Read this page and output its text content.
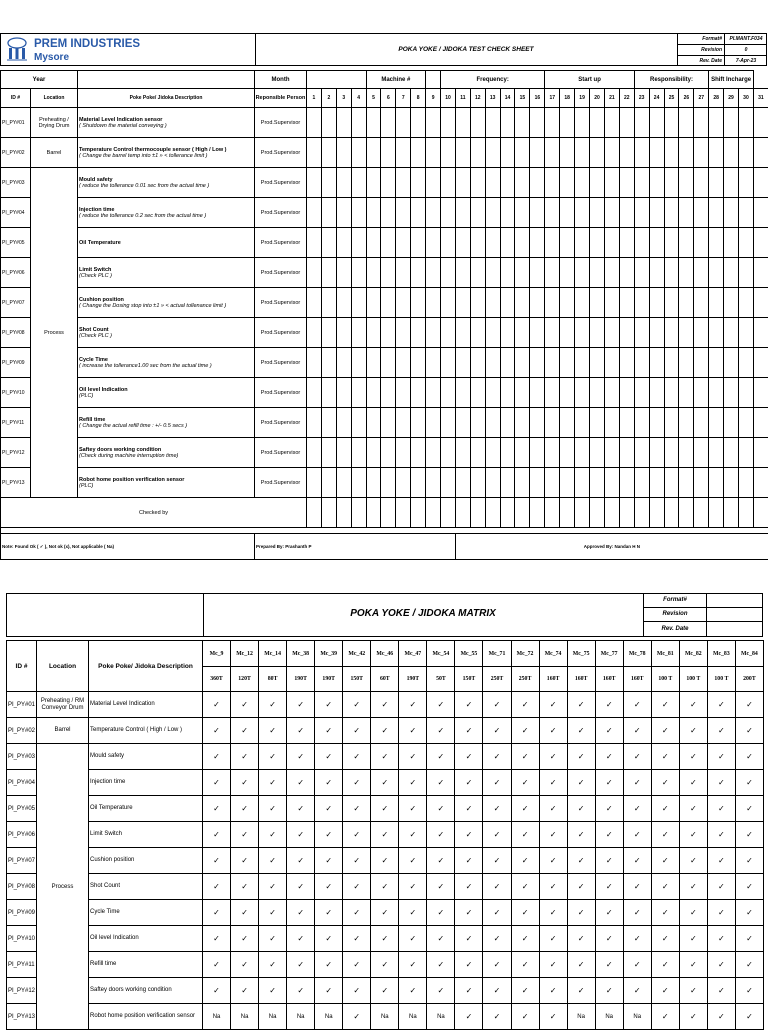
PREM INDUSTRIES
Mysore
POKA YOKE / JIDOKA TEST CHECK SHEET
Format#	PI.MANT.F034
Revision	0
Rev. Date	7-Apr-23
Year			Month					Machine #					Frequency:							Start up						Responsibility:					Shift Incharge			
ID #	Location	Poke Poke/ Jidoka Description	Reponsible Person	1	2	3	4	5	6	7	8	9	10	11	12	13	14	15	16	17	18	19	20	21	22	23	24	25	26	27	28	29	30	31
PI_PY#01	Preheating / Drying Drum	Material Level Indication sensor
( Shutdown the material conveying )	Prod.Supervisor																															
PI_PY#02	Barrel	Temperature Control thermocouple sensor ( High / Low )
( Change the barrel temp into ±1 » < tollerance limit )	Prod.Supervisor																															
PI_PY#03	Process	Mould safety
( reduce the tollerance 0.01 sec from the actual time )	Prod.Supervisor																															
PI_PY#04		Injection time
( reduce the tollerance 0.2 sec from the actual time )	Prod.Supervisor																															
PI_PY#05		Oil Temperature	Prod.Supervisor																															
PI_PY#06		Limit Switch
(Check PLC )	Prod.Supervisor																															
PI_PY#07		Cushion position
( Change the Dosing stop into ±1 » < actual tollenance limit )	Prod.Supervisor																															
PI_PY#08		Shot Count
(Check PLC )	Prod.Supervisor																															
PI_PY#09		Cycle Time
( increase the tollerance1.00 sec from the actual time )	Prod.Supervisor																															
PI_PY#10		Oil level Indication
(PLC)	Prod.Supervisor																															
PI_PY#11		Refill time
( Change the actual refill time : +/- 0.5 secs )	Prod.Supervisor																															
PI_PY#12		Saftey doors working condition
(Check during machine interruption time)	Prod.Supervisor																															
PI_PY#13		Robot home position verification sensor
(PLC)	Prod.Supervisor																															
Checked by																																		

Note: Found Ok ( ✓ ), Not ok (x), Not applicable ( Na)			Prepared By: Prashanth P											Approved By: Nandan H N																				
POKA YOKE / JIDOKA MATRIX
Format#
Revision
Rev. Date
ID #	Location	Poke Poke/ Jidoka Description	Mc_9	Mc_12	Mc_14	Mc_38	Mc_39	Mc_42	Mc_46	Mc_47	Mc_54	Mc_55	Mc_71	Mc_72	Mc_74	Mc_75	Mc_77	Mc_78	Mc_81	Mc_82	Mc_83	Mc_84
			360T	120T	80T	190T	190T	150T	60T	190T	50T	150T	250T	250T	160T	160T	160T	160T	100 T	100 T	100 T	200T
PI_PY#01	Preheating / RM Conveyor Drum	Material Level Indication	✓	✓	✓	✓	✓	✓	✓	✓	✓	✓	✓	✓	✓	✓	✓	✓	✓	✓	✓	✓
PI_PY#02	Barrel	Temperature Control ( High / Low )	✓	✓	✓	✓	✓	✓	✓	✓	✓	✓	✓	✓	✓	✓	✓	✓	✓	✓	✓	✓
PI_PY#03	Process	Mould safety	✓	✓	✓	✓	✓	✓	✓	✓	✓	✓	✓	✓	✓	✓	✓	✓	✓	✓	✓	✓
PI_PY#04		Injection time	✓	✓	✓	✓	✓	✓	✓	✓	✓	✓	✓	✓	✓	✓	✓	✓	✓	✓	✓	✓
PI_PY#05		Oil Temperature	✓	✓	✓	✓	✓	✓	✓	✓	✓	✓	✓	✓	✓	✓	✓	✓	✓	✓	✓	✓
PI_PY#06		Limit Switch	✓	✓	✓	✓	✓	✓	✓	✓	✓	✓	✓	✓	✓	✓	✓	✓	✓	✓	✓	✓
PI_PY#07		Cushion position	✓	✓	✓	✓	✓	✓	✓	✓	✓	✓	✓	✓	✓	✓	✓	✓	✓	✓	✓	✓
PI_PY#08		Shot Count	✓	✓	✓	✓	✓	✓	✓	✓	✓	✓	✓	✓	✓	✓	✓	✓	✓	✓	✓	✓
PI_PY#09		Cycle Time	✓	✓	✓	✓	✓	✓	✓	✓	✓	✓	✓	✓	✓	✓	✓	✓	✓	✓	✓	✓
PI_PY#10		Oil level Indication	✓	✓	✓	✓	✓	✓	✓	✓	✓	✓	✓	✓	✓	✓	✓	✓	✓	✓	✓	✓
PI_PY#11		Refill time	✓	✓	✓	✓	✓	✓	✓	✓	✓	✓	✓	✓	✓	✓	✓	✓	✓	✓	✓	✓
PI_PY#12		Saftey doors working condition	✓	✓	✓	✓	✓	✓	✓	✓	✓	✓	✓	✓	✓	✓	✓	✓	✓	✓	✓	✓
PI_PY#13		Robot home position verification sensor	Na	Na	Na	Na	Na	✓	Na	Na	Na	✓	✓	✓	✓	Na	Na	Na	✓	✓	✓	✓
